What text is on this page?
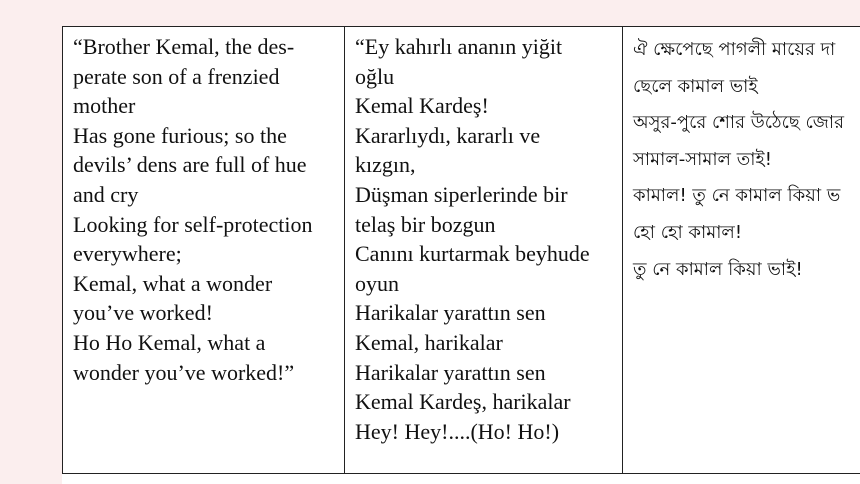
“Brother Kemal, the des-
perate son of a frenzied
mother
Has gone furious; so the
devils’ dens are full of hue
and cry
Looking for self-protection
everywhere;
Kemal, what a wonder
you’ve worked!
Ho Ho Kemal, what a
wonder you’ve worked!”

“Ey kahırlı ananın yiğit
oğlu
Kemal Kardeş!
Kararlıydı, kararlı ve
kızgın,
Düşman siperlerinde bir
telaş bir bozgun
Canını kurtarmak beyhude
oyun
Harikalar yarattın sen
Kemal, harikalar
Harikalar yarattın sen
Kemal Kardeş, harikalar
Hey! Hey!....(Ho! Ho!)

ঐ ক্ষেপেছে পাগলী মায়ের দা
ছেলে কামাল ভাই
অসুর-পুরে শোর উঠেছে জোর
সামাল-সামাল তাই!
কামাল! তু নে কামাল কিয়া ভ
হো হো কামাল!
তু নে কামাল কিয়া ভাই!
